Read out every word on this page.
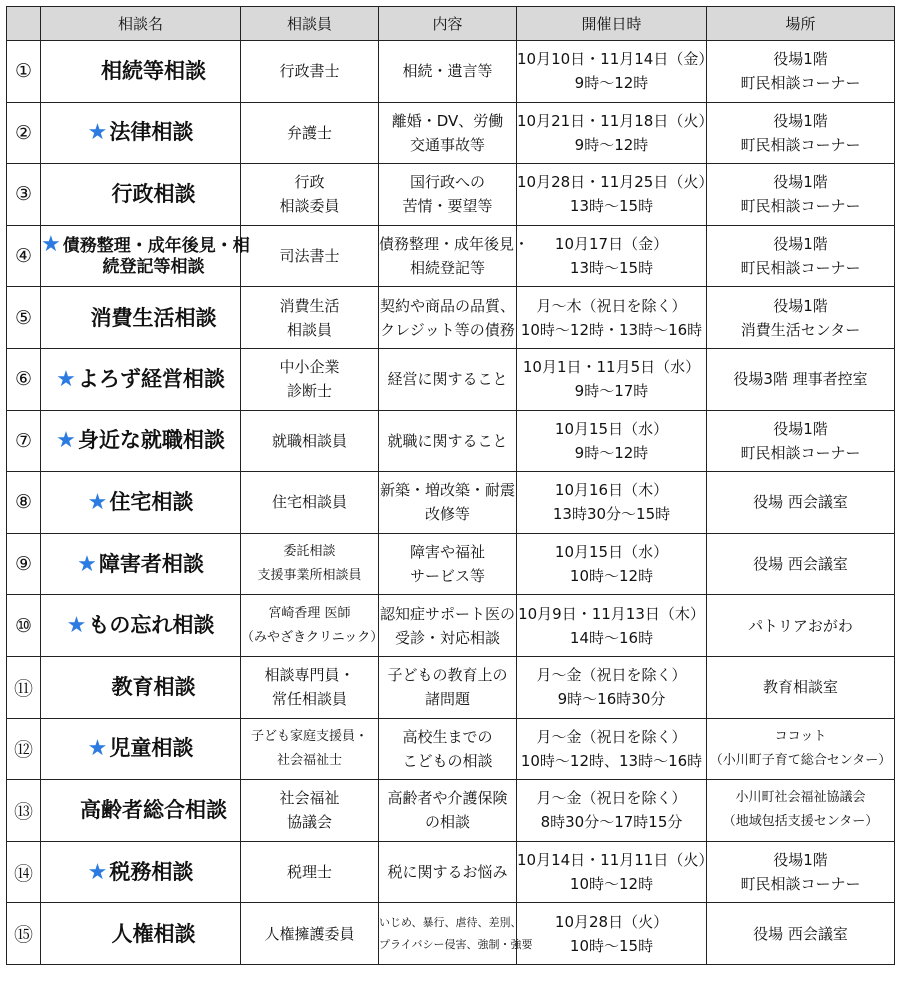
	相談名	相談員	内容	開催日時	場所
①	相続等相談	行政書士	相続・遺言等	10月10日・11月14日（金）
9時～12時	役場1階
町民相談コーナー

②	★法律相談	弁護士	離婚・DV、労働
交通事故等	10月21日・11月18日（火）
9時～12時	役場1階
町民相談コーナー

③	行政相談	行政
相談委員	国行政への
苦情・要望等	10月28日・11月25日（火）
13時～15時	役場1階
町民相談コーナー

④	★ 債務整理・成年後見・相
続登記等相談	司法書士	債務整理・成年後見・
相続登記等	10月17日（金）
13時～15時	役場1階
町民相談コーナー

⑤	消費生活相談	消費生活
相談員	契約や商品の品質、
クレジット等の債務	月～木（祝日を除く）
10時～12時・13時～16時	役場1階
消費生活センター

⑥	★よろず経営相談	中小企業
診断士	経営に関すること	10月1日・11月5日（水）
9時～17時	役場3階 理事者控室

⑦	★身近な就職相談	就職相談員	就職に関すること	10月15日（水）
9時～12時	役場1階
町民相談コーナー

⑧	★住宅相談	住宅相談員	新築・増改築・耐震
改修等	10月16日（木）
13時30分～15時	役場 西会議室

⑨	★障害者相談	委託相談
支援事業所相談員	障害や福祉
サービス等	10月15日（水）
10時～12時	役場 西会議室

⑩	★もの忘れ相談	宮崎香理 医師
（みやざきクリニック）	認知症サポート医の
受診・対応相談	10月9日・11月13日（木）
14時～16時	パトリアおがわ

⑪	教育相談	相談専門員・
常任相談員	子どもの教育上の
諸問題	月～金（祝日を除く）
9時～16時30分	教育相談室

⑫	★児童相談	子ども家庭支援員・
社会福祉士	高校生までの
こどもの相談	月～金（祝日を除く）
10時～12時、13時～16時	ココット
（小川町子育て総合センター）

⑬	高齢者総合相談	社会福祉
協議会	高齢者や介護保険
の相談	月～金（祝日を除く）
8時30分～17時15分	小川町社会福祉協議会
（地域包括支援センター）

⑭	★税務相談	税理士	税に関するお悩み	10月14日・11月11日（火）
10時～12時	役場1階
町民相談コーナー

⑮	人権相談	人権擁護委員	いじめ、暴行、虐待、差別、
プライバシー侵害、強制・強要	10月28日（火）
10時～15時	役場 西会議室
